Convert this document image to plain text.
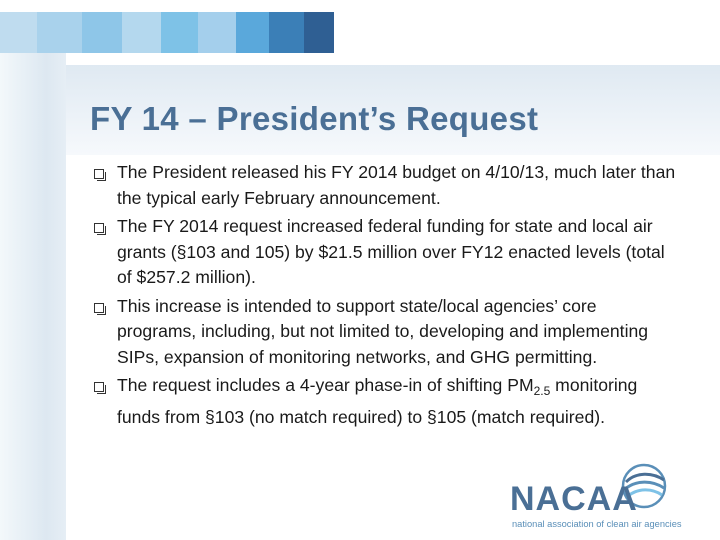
FY 14 – President’s Request
The President released his FY 2014 budget on 4/10/13, much later than the typical early February announcement.
The FY 2014 request increased federal funding for state and local air grants (§103 and 105) by $21.5 million over FY12 enacted levels (total of $257.2 million).
This increase is intended to support state/local agencies’ core programs, including, but not limited to, developing and implementing SIPs, expansion of monitoring networks, and GHG permitting.
The request includes a 4-year phase-in of shifting $PM_{2.5}$ monitoring funds from §103 (no match required) to §105 (match required).
NACAA
national association of clean air agencies
